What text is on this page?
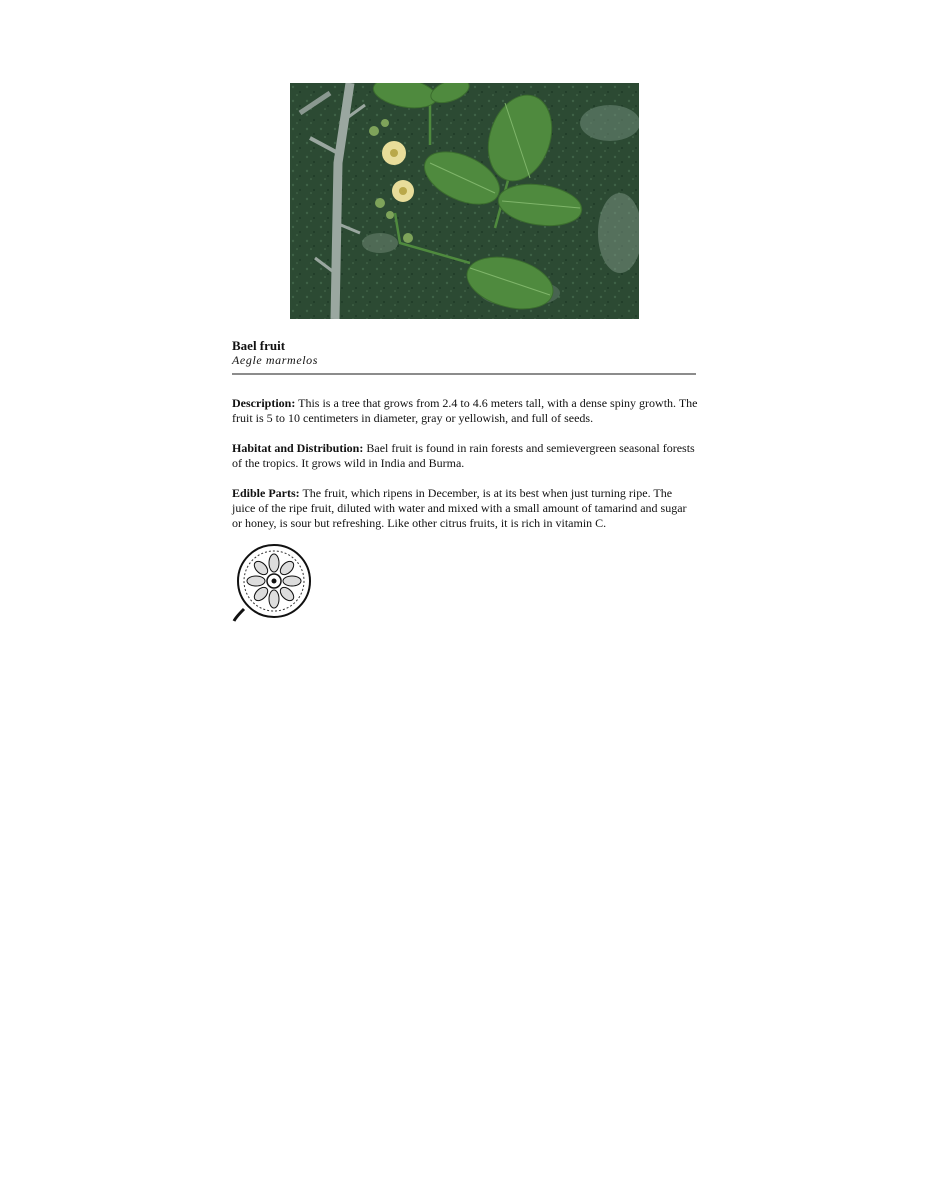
Bael fruit
Aegle marmelos
Description: This is a tree that grows from 2.4 to 4.6 meters tall, with a dense spiny growth. The fruit is 5 to 10 centimeters in diameter, gray or yellowish, and full of seeds.
Habitat and Distribution: Bael fruit is found in rain forests and semievergreen seasonal forests of the tropics. It grows wild in India and Burma.
Edible Parts: The fruit, which ripens in December, is at its best when just turning ripe. The juice of the ripe fruit, diluted with water and mixed with a small amount of tamarind and sugar or honey, is sour but refreshing. Like other citrus fruits, it is rich in vitamin C.
